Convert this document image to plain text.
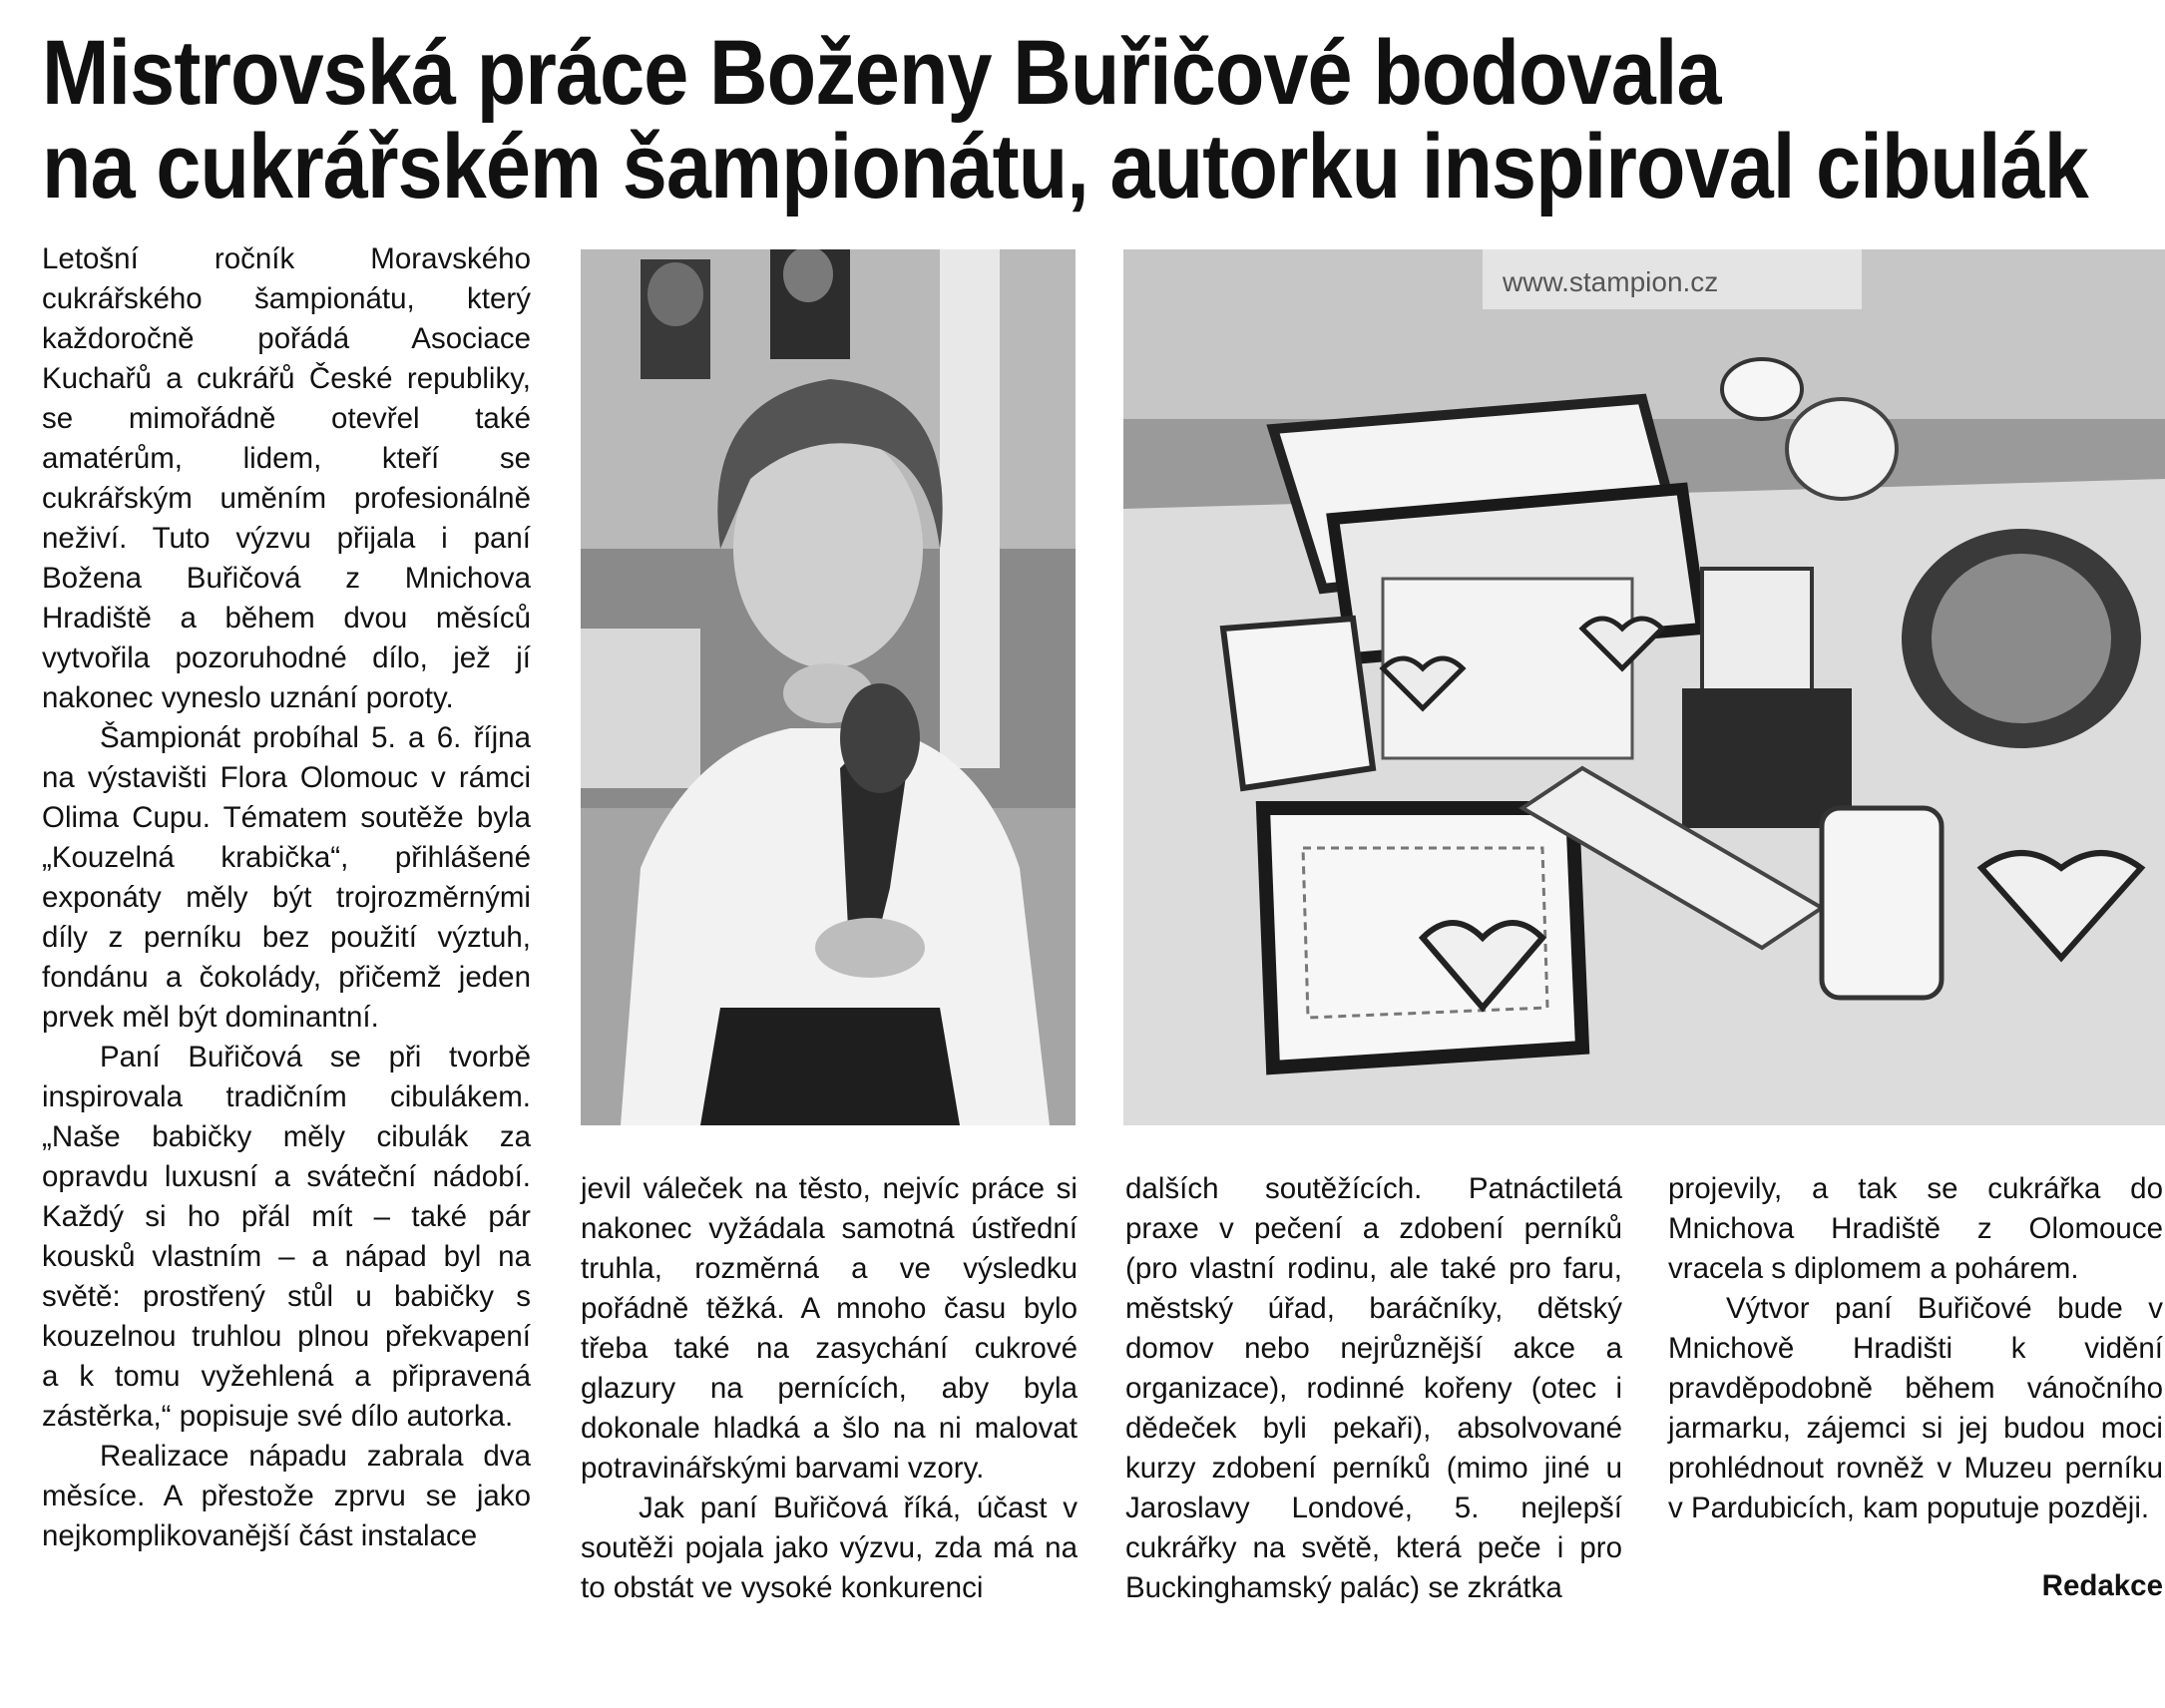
Mistrovská práce Boženy Buřičové bodovala
na cukrářském šampionátu, autorku inspiroval cibulák

Letošní ročník Moravského cukrářského šampionátu, který každoročně pořádá Asociace Kuchařů a cukrářů České republiky, se mimořádně otevřel také amatérům, lidem, kteří se cukrářským uměním profesionálně neživí. Tuto výzvu přijala i paní Božena Buřičová z Mnichova Hradiště a během dvou měsíců vytvořila pozoruhodné dílo, jež jí nakonec vyneslo uznání poroty.

Šampionát probíhal 5. a 6. října na výstavišti Flora Olomouc v rámci Olima Cupu. Tématem soutěže byla „Kouzelná krabička“, přihlášené exponáty měly být trojrozměrnými díly z perníku bez použití výztuh, fondánu a čokolády, přičemž jeden prvek měl být dominantní.

Paní Buřičová se při tvorbě inspirovala tradičním cibulákem. „Naše babičky měly cibulák za opravdu luxusní a sváteční nádobí. Každý si ho přál mít – také pár kousků vlastním – a nápad byl na světě: prostřený stůl u babičky s kouzelnou truhlou plnou překvapení a k tomu vyžehlená a připravená zástěrka,“ popisuje své dílo autorka.

Realizace nápadu zabrala dva měsíce. A přestože zprvu se jako nejkomplikovanější část instalace

www.stampion.cz

jevil váleček na těsto, nejvíc práce si nakonec vyžádala samotná ústřední truhla, rozměrná a ve výsledku pořádně těžká. A mnoho času bylo třeba také na zasychání cukrové glazury na pernících, aby byla dokonale hladká a šlo na ni malovat potravinářskými barvami vzory.

Jak paní Buřičová říká, účast v soutěži pojala jako výzvu, zda má na to obstát ve vysoké konkurenci

dalších soutěžících. Patnáctiletá praxe v pečení a zdobení perníků (pro vlastní rodinu, ale také pro faru, městský úřad, baráčníky, dětský domov nebo nejrůznější akce a organizace), rodinné kořeny (otec i dědeček byli pekaři), absolvované kurzy zdobení perníků (mimo jiné u Jaroslavy Londové, 5. nejlepší cukrářky na světě, která peče i pro Buckinghamský palác) se zkrátka

projevily, a tak se cukrářka do Mnichova Hradiště z Olomouce vracela s diplomem a pohárem.

Výtvor paní Buřičové bude v Mnichově Hradišti k vidění pravděpodobně během vánočního jarmarku, zájemci si jej budou moci prohlédnout rovněž v Muzeu perníku v Pardubicích, kam poputuje později.

Redakce
